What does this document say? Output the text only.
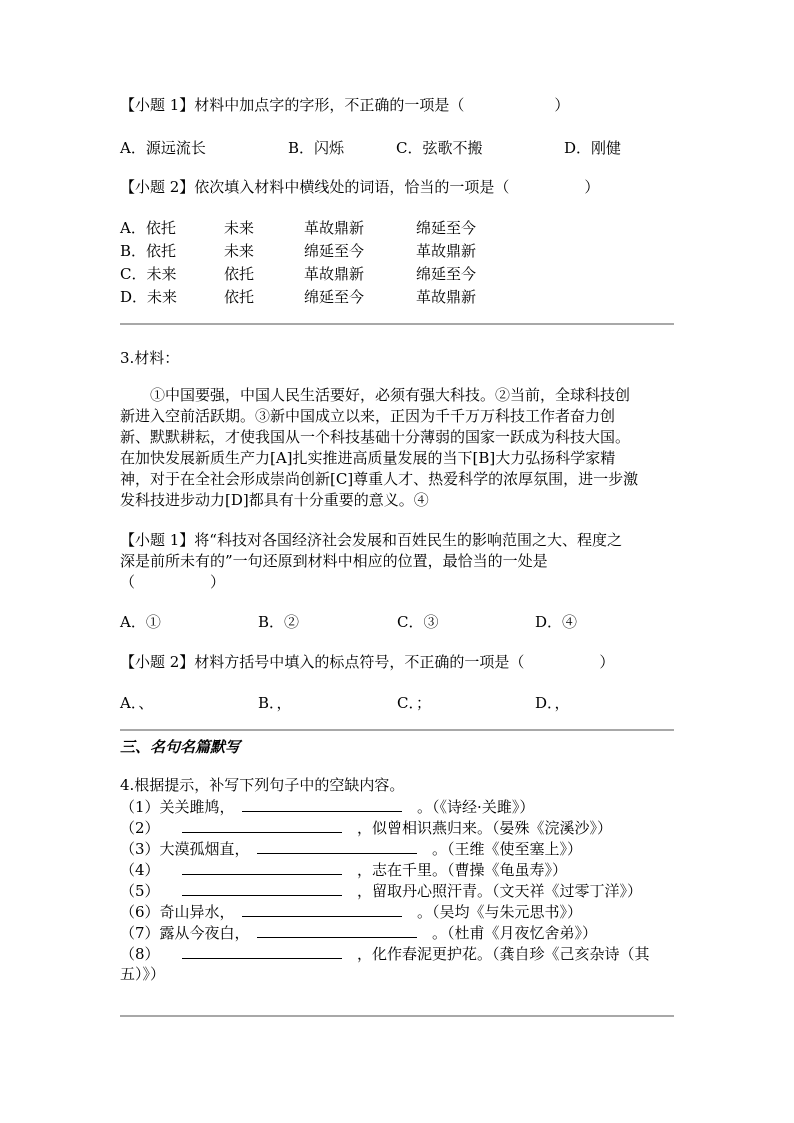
【小题 1】材料中加点字的字形，不正确的一项是（　　　　　　）
A．源远流长	B．闪烁	C．弦歌不搬	D．刚健
【小题 2】依次填入材料中横线处的词语，恰当的一项是（　　　　　）
A．依托	未来	革故鼎新	绵延至今
B．依托	未来	绵延至今	革故鼎新
C．未来	依托	革故鼎新	绵延至今
D．未来	依托	绵延至今	革故鼎新
3.材料：
　　①中国要强，中国人民生活要好，必须有强大科技。②当前，全球科技创
新进入空前活跃期。③新中国成立以来，正因为千千万万科技工作者奋力创
新、默默耕耘，才使我国从一个科技基础十分薄弱的国家一跃成为科技大国。
在加快发展新质生产力[A]扎实推进高质量发展的当下[B]大力弘扬科学家精
神，对于在全社会形成崇尚创新[C]尊重人才、热爱科学的浓厚氛围，进一步激
发科技进步动力[D]都具有十分重要的意义。④
【小题 1】将“科技对各国经济社会发展和百姓民生的影响范围之大、程度之
深是前所未有的”一句还原到材料中相应的位置，最恰当的一处是
（　　　　　）
A．①	B．②	C．③	D．④
【小题 2】材料方括号中填入的标点符号，不正确的一项是（　　　　　）
A．、	B．，	C．；	D．，
三、名句名篇默写
4.根据提示，补写下列句子中的空缺内容。
（1）关关雎鸠，　	　。（《诗经·关雎》）
（2）　　	　，似曾相识燕归来。（晏殊《浣溪沙》）
（3）大漠孤烟直，　	　。（王维《使至塞上》）
（4）　　	　，志在千里。（曹操《龟虽寿》）
（5）　　	　，留取丹心照汗青。（文天祥《过零丁洋》）
（6）奇山异水，　	　。（吴均《与朱元思书》）
（7）露从今夜白，　	　。（杜甫《月夜忆舍弟》）
（8）　　	　，化作春泥更护花。（龚自珍《己亥杂诗（其
五）》）
